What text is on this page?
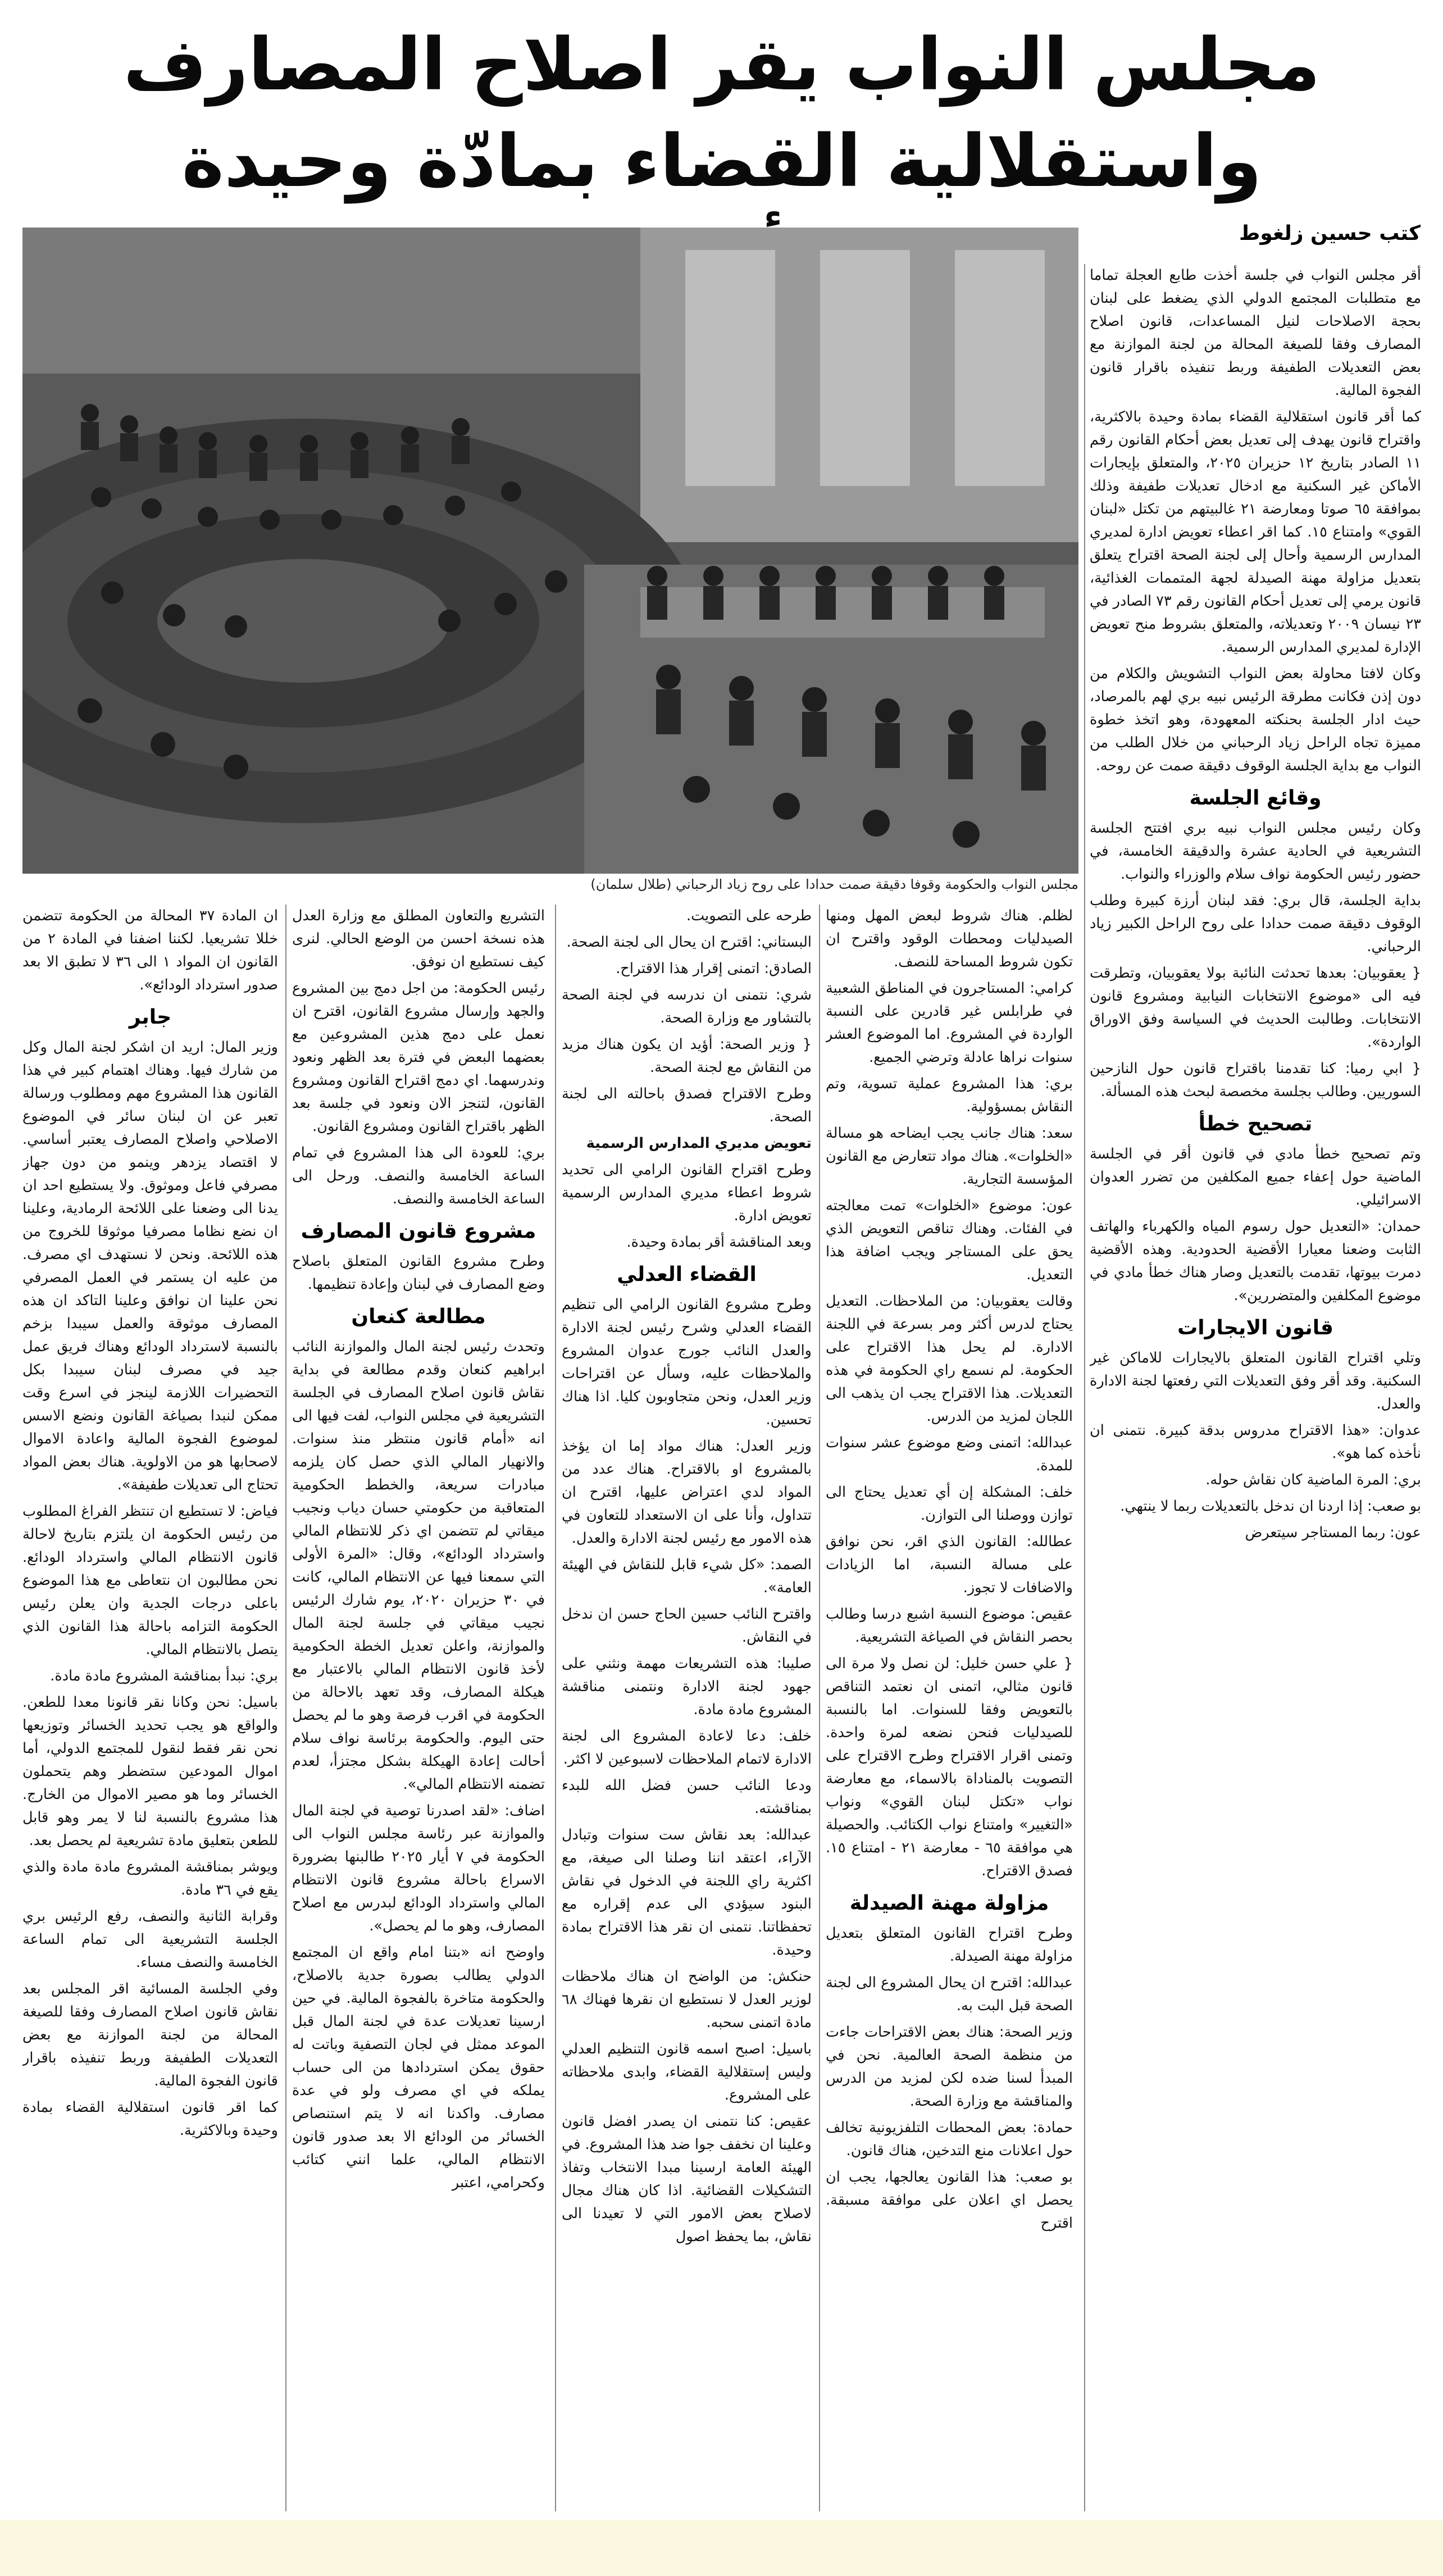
مجلس النواب يقر اصلاح المصارف
واستقلالية القضاء بمادّة وحيدة
كتب حسين زلغوط
مجلس النواب والحكومة وقوفا دقيقة صمت حدادا على روح زياد الرحباني (طلال سلمان)

أقر مجلس النواب في جلسة أخذت طابع العجلة تماما مع متطلبات المجتمع الدولي الذي يضغط على لبنان بحجة الاصلاحات لنيل المساعدات، قانون اصلاح المصارف وفقا للصيغة المحالة من لجنة الموازنة مع بعض التعديلات الطفيفة وربط تنفيذه باقرار قانون الفجوة المالية.

كما أقر قانون استقلالية القضاء بمادة وحيدة بالاكثرية، واقتراح قانون يهدف إلى تعديل بعض أحكام القانون رقم ١١ الصادر بتاريخ ١٢ حزيران ٢٠٢٥، والمتعلق بإيجارات الأماكن غير السكنية مع ادخال تعديلات طفيفة وذلك بموافقة ٦٥ صوتا ومعارضة ٢١ غالبيتهم من تكتل «لبنان القوي» وامتناع ١٥. كما اقر اعطاء تعويض ادارة لمديري المدارس الرسمية وأحال إلى لجنة الصحة اقتراح يتعلق بتعديل مزاولة مهنة الصيدلة لجهة المتممات الغذائية، قانون يرمي إلى تعديل أحكام القانون رقم ٧٣ الصادر في ٢٣ نيسان ٢٠٠٩ وتعديلاته، والمتعلق بشروط منح تعويض الإدارة لمديري المدارس الرسمية.

وكان لافتا محاولة بعض النواب التشويش والكلام من دون إذن فكانت مطرقة الرئيس نبيه بري لهم بالمرصاد، حيث ادار الجلسة بحنكته المعهودة، وهو اتخذ خطوة مميزة تجاه الراحل زياد الرحباني من خلال الطلب من النواب مع بداية الجلسة الوقوف دقيقة صمت عن روحه.

وقائع الجلسة

وكان رئيس مجلس النواب نبيه بري افتتح الجلسة التشريعية في الحادية عشرة والدقيقة الخامسة، في حضور رئيس الحكومة نواف سلام والوزراء والنواب.

بداية الجلسة، قال بري: فقد لبنان أرزة كبيرة وطلب الوقوف دقيقة صمت حدادا على روح الراحل الكبير زياد الرحباني.

{ يعقوبيان: بعدها تحدثت النائبة بولا يعقوبيان، وتطرقت فيه الى «موضوع الانتخابات النيابية ومشروع قانون الانتخابات. وطالبت الحديث في السياسة وفق الاوراق الواردة».

{ ابي رميا: كنا تقدمنا باقتراح قانون حول النازحين السوريين. وطالب بجلسة مخصصة لبحث هذه المسألة.

تصحيح خطأ

وتم تصحيح خطأ مادي في قانون أقر في الجلسة الماضية حول إعفاء جميع المكلفين من تضرر العدوان الاسرائيلي.

حمدان: «التعديل حول رسوم المياه والكهرباء والهاتف الثابت وضعنا معيارا الأقضية الحدودية. وهذه الأقضية دمرت بيوتها، تقدمت بالتعديل وصار هناك خطأ مادي في موضوع المكلفين والمتضررين».

قانون الايجارات

وتلي اقتراح القانون المتعلق بالايجارات للاماكن غير السكنية. وقد أقر وفق التعديلات التي رفعتها لجنة الادارة والعدل.

عدوان: «هذا الاقتراح مدروس بدقة كبيرة. نتمنى ان نأخذه كما هو».

بري: المرة الماضية كان نقاش حوله.

بو صعب: إذا اردنا ان ندخل بالتعديلات ربما لا ينتهي.

عون: ربما المستاجر سيتعرض

لظلم. هناك شروط لبعض المهل ومنها الصيدليات ومحطات الوقود واقترح ان تكون شروط المساحة للنصف.

كرامي: المستاجرون في المناطق الشعبية في طرابلس غير قادرين على النسبة الواردة في المشروع. اما الموضوع العشر سنوات نراها عادلة وترضي الجميع.

بري: هذا المشروع عملية تسوية، وتم النقاش بمسؤولية.

سعد: هناك جانب يجب ايضاحه هو مسالة «الخلوات». هناك مواد تتعارض مع القانون المؤسسة التجارية.

عون: موضوع «الخلوات» تمت معالجته في الفئات. وهناك تناقص التعويض الذي يحق على المستاجر ويجب اضافة هذا التعديل.

وقالت يعقوبيان: من الملاحظات. التعديل يحتاج لدرس أكثر ومر بسرعة في اللجنة الادارة. لم يحل هذا الاقتراح على الحكومة. لم نسمع راي الحكومة في هذه التعديلات. هذا الاقتراح يجب ان يذهب الى اللجان لمزيد من الدرس.

عبدالله: اتمنى وضع موضوع عشر سنوات للمدة.

خلف: المشكلة إن أي تعديل يحتاج الى توازن ووصلنا الى التوازن.

عطالله: القانون الذي اقر، نحن نوافق على مسالة النسبة، اما الزيادات والاضافات لا تجوز.

عقيص: موضوع النسبة اشبع درسا وطالب بحصر النقاش في الصياغة التشريعية.

{ علي حسن خليل: لن نصل ولا مرة الى قانون مثالي، اتمنى ان نعتمد التناقص بالتعويض وفقا للسنوات. اما بالنسبة للصيدليات فنحن نضعه لمرة واحدة. وتمنى اقرار الاقتراح وطرح الاقتراح على التصويت بالمناداة بالاسماء، مع معارضة نواب «تكتل لبنان القوي» ونواب «التغيير» وامتناع نواب الكتائب. والحصيلة هي موافقة ٦٥ - معارضة ٢١ - امتناع ١٥. فصدق الاقتراح.

مزاولة مهنة الصيدلة

وطرح اقتراح القانون المتعلق بتعديل مزاولة مهنة الصيدلة.

عبدالله: اقترح ان يحال المشروع الى لجنة الصحة قبل البت به.

وزير الصحة: هناك بعض الاقتراحات جاءت من منظمة الصحة العالمية. نحن في المبدأ لسنا ضده لكن لمزيد من الدرس والمناقشة مع وزارة الصحة.

حمادة: بعض المحطات التلفزيونية تخالف حول اعلانات منع التدخين، هناك قانون.

بو صعب: هذا القانون يعالجها، يجب ان يحصل اي اعلان على موافقة مسبقة. اقترح

طرحه على التصويت.

البستاني: اقترح ان يحال الى لجنة الصحة.

الصادق: اتمنى إقرار هذا الاقتراح.

شري: نتمنى ان ندرسه في لجنة الصحة بالتشاور مع وزارة الصحة.

{ وزير الصحة: أؤيد ان يكون هناك مزيد من النقاش مع لجنة الصحة.

وطرح الاقتراح فصدق باحالته الى لجنة الصحة.

تعويض مديري المدارس الرسمية

وطرح اقتراح القانون الرامي الى تحديد شروط اعطاء مديري المدارس الرسمية تعويض ادارة.

وبعد المناقشة أقر بمادة وحيدة.

القضاء العدلي

وطرح مشروع القانون الرامي الى تنظيم القضاء العدلي وشرح رئيس لجنة الادارة والعدل النائب جورج عدوان المشروع والملاحظات عليه، وسأل عن اقتراحات وزير العدل، ونحن متجاوبون كليا. اذا هناك تحسين.

وزير العدل: هناك مواد إما ان يؤخذ بالمشروع او بالاقتراح. هناك عدد من المواد لدي اعتراض عليها، اقترح ان تتداول، وأنا على ان الاستعداد للتعاون في هذه الامور مع رئيس لجنة الادارة والعدل.

الصمد: «كل شيء قابل للنقاش في الهيئة العامة».

واقترح النائب حسين الحاج حسن ان ندخل في النقاش.

صليبا: هذه التشريعات مهمة ونثني على جهود لجنة الادارة ونتمنى مناقشة المشروع مادة مادة.

خلف: دعا لاعادة المشروع الى لجنة الادارة لاتمام الملاحظات لاسبوعين لا اكثر.

ودعا النائب حسن فضل الله للبدء بمناقشته.

عبدالله: بعد نقاش ست سنوات وتبادل الآراء، اعتقد اننا وصلنا الى صيغة، مع اكثرية راي اللجنة في الدخول في نقاش البنود سيؤدي الى عدم إقراره مع تحفظاتنا. نتمنى ان نقر هذا الاقتراح بمادة وحيدة.

حنكش: من الواضح ان هناك ملاحظات لوزير العدل لا نستطيع ان نقرها فهناك ٦٨ مادة اتمنى سحبه.

باسيل: اصبح اسمه قانون التنظيم العدلي وليس إستقلالية القضاء، وابدى ملاحظاته على المشروع.

عقيص: كنا نتمنى ان يصدر افضل قانون وعلينا ان نخفف جوا ضد هذا المشروع. في الهيئة العامة ارسينا مبدا الانتخاب وتفاذ التشكيلات القضائية. اذا كان هناك مجال لاصلاح بعض الامور التي لا تعيدنا الى نقاش، بما يحفظ اصول

التشريع والتعاون المطلق مع وزارة العدل هذه نسخة احسن من الوضع الحالي. لنرى كيف نستطيع ان نوفق.

رئيس الحكومة: من اجل دمج بين المشروع والجهد وإرسال مشروع القانون، اقترح ان نعمل على دمج هذين المشروعين مع بعضهما البعض في فترة بعد الظهر ونعود وندرسهما. اي دمج اقتراح القانون ومشروع القانون، لتنجز الان ونعود في جلسة بعد الظهر باقتراح القانون ومشروع القانون.

بري: للعودة الى هذا المشروع في تمام الساعة الخامسة والنصف. ورحل الى الساعة الخامسة والنصف.

مشروع قانون المصارف

وطرح مشروع القانون المتعلق باصلاح وضع المصارف في لبنان وإعادة تنظيمها.

مطالعة كنعان

وتحدث رئيس لجنة المال والموازنة النائب ابراهيم كنعان وقدم مطالعة في بداية نقاش قانون اصلاح المصارف في الجلسة التشريعية في مجلس النواب، لفت فيها الى انه «أمام قانون منتظر منذ سنوات. والانهيار المالي الذي حصل كان يلزمه مبادرات سريعة، والخطط الحكومية المتعاقبة من حكومتي حسان دياب ونجيب ميقاتي لم تتضمن اي ذكر للانتظام المالي واسترداد الودائع»، وقال: «المرة الأولى التي سمعنا فيها عن الانتظام المالي، كانت في ٣٠ حزيران ٢٠٢٠، يوم شارك الرئيس نجيب ميقاتي في جلسة لجنة المال والموازنة، واعلن تعديل الخطة الحكومية لأخذ قانون الانتظام المالي بالاعتبار مع هيكلة المصارف، وقد تعهد بالاحالة من الحكومة في اقرب فرصة وهو ما لم يحصل حتى اليوم. والحكومة برئاسة نواف سلام أحالت إعادة الهيكلة بشكل مجتزأ، لعدم تضمنه الانتظام المالي».

اضاف: «لقد اصدرنا توصية في لجنة المال والموازنة عبر رئاسة مجلس النواب الى الحكومة في ٧ أيار ٢٠٢٥ طالبنها بضرورة الاسراع باحالة مشروع قانون الانتظام المالي واسترداد الودائع لبدرس مع اصلاح المصارف، وهو ما لم يحصل».

واوضح انه «بتنا امام واقع ان المجتمع الدولي يطالب بصورة جدية بالاصلاح، والحكومة متاخرة بالفجوة المالية. في حين ارسينا تعديلات عدة في لجنة المال قبل الموعد ممثل في لجان التصفية وباتت له حقوق يمكن استردادها من الى حساب يملكه في اي مصرف ولو في عدة مصارف. واكدنا انه لا يتم استنصاص الخسائر من الودائع الا بعد صدور قانون الانتظام المالي، علما انني كتائب وكحرامي، اعتبر

ان المادة ٣٧ المحالة من الحكومة تتضمن خللا تشريعيا. لكننا اضفنا في المادة ٢ من القانون ان المواد ١ الى ٣٦ لا تطبق الا بعد صدور استرداد الودائع».

جابر

وزير المال: اريد ان اشكر لجنة المال وكل من شارك فيها. وهناك اهتمام كبير في هذا القانون هذا المشروع مهم ومطلوب ورسالة تعبر عن ان لبنان سائر في الموضوع الاصلاحي واصلاح المصارف يعتبر أساسي. لا اقتصاد يزدهر وينمو من دون جهاز مصرفي فاعل وموثوق. ولا يستطيع احد ان يدنا الى وضعنا على اللائحة الرمادية، وعلينا ان نضع نظاما مصرفيا موثوقا للخروج من هذه اللائحة. ونحن لا نستهدف اي مصرف. من عليه ان يستمر في العمل المصرفي نحن علينا ان نوافق وعلينا التاكد ان هذه المصارف موثوقة والعمل سيبدا بزخم بالنسبة لاسترداد الودائع وهناك فريق عمل جيد في مصرف لبنان سيبدا بكل التحضيرات اللازمة لينجز في اسرع وقت ممكن لنبدا بصياغة القانون ونضع الاسس لموضوع الفجوة المالية واعادة الاموال لاصحابها هو من الاولوية. هناك بعض المواد تحتاج الى تعديلات طفيفة».

فياض: لا تستطيع ان تنتظر الفراغ المطلوب من رئيس الحكومة ان يلتزم بتاريخ لاحالة قانون الانتظام المالي واسترداد الودائع. نحن مطالبون ان نتعاطى مع هذا الموضوع باعلى درجات الجدية وان يعلن رئيس الحكومة التزامه باحالة هذا القانون الذي يتصل بالانتظام المالي.

بري: نبدأ بمناقشة المشروع مادة مادة.

باسيل: نحن وكانا نقر قانونا معدا للطعن. والواقع هو يجب تحديد الخسائر وتوزيعها نحن نقر فقط لنقول للمجتمع الدولي، أما اموال المودعين ستضطر وهم يتحملون الخسائر وما هو مصير الاموال من الخارج. هذا مشروع بالنسبة لنا لا يمر وهو قابل للطعن بتعليق مادة تشريعية لم يحصل بعد.

ويوشر بمناقشة المشروع مادة مادة والذي يقع في ٣٦ مادة.

وقرابة الثانية والنصف، رفع الرئيس بري الجلسة التشريعية الى تمام الساعة الخامسة والنصف مساء.

وفي الجلسة المسائية اقر المجلس بعد نقاش قانون اصلاح المصارف وفقا للصيغة المحالة من لجنة الموازنة مع بعض التعديلات الطفيفة وربط تنفيذه باقرار قانون الفجوة المالية.

كما اقر قانون استقلالية القضاء بمادة وحيدة وبالاكثرية.
